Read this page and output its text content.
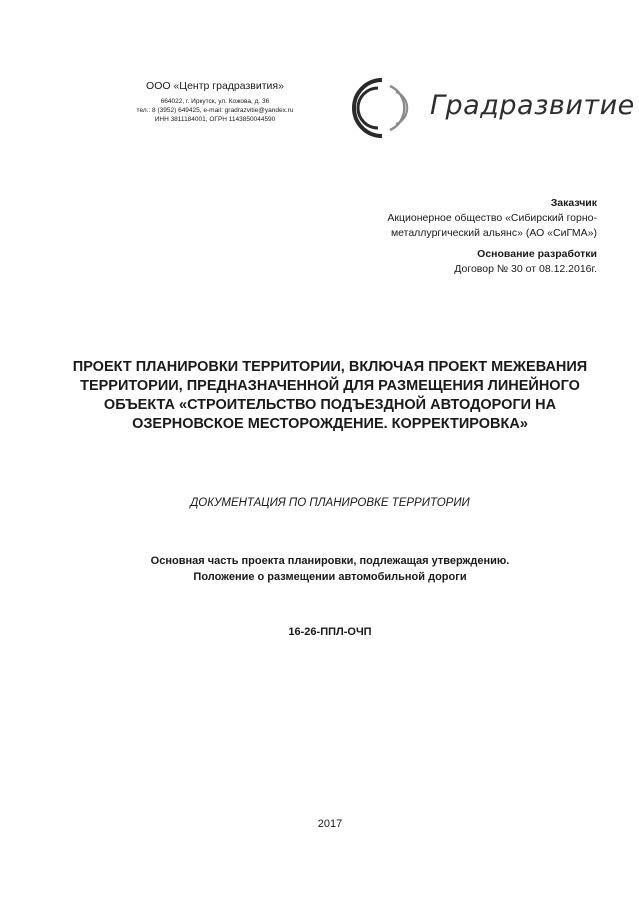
ООО «Центр градразвития»
664022, г. Иркутск, ул. Кожова, д. 36
тел.: 8 (3952) 649425, e-mail: gradrazvitie@yandex.ru
ИНН 3811184001, ОГРН 1143850044590	Градразвитие
Заказчик
Акционерное общество «Сибирский горно-
металлургический альянс» (АО «СиГМА»)
Основание разработки
Договор № 30 от 08.12.2016г.
ПРОЕКТ ПЛАНИРОВКИ ТЕРРИТОРИИ, ВКЛЮЧАЯ ПРОЕКТ МЕЖЕВАНИЯ
ТЕРРИТОРИИ, ПРЕДНАЗНАЧЕННОЙ ДЛЯ РАЗМЕЩЕНИЯ ЛИНЕЙНОГО
ОБЪЕКТА «СТРОИТЕЛЬСТВО ПОДЪЕЗДНОЙ АВТОДОРОГИ НА
ОЗЕРНОВСКОЕ МЕСТОРОЖДЕНИЕ. КОРРЕКТИРОВКА»
ДОКУМЕНТАЦИЯ ПО ПЛАНИРОВКЕ ТЕРРИТОРИИ
Основная часть проекта планировки, подлежащая утверждению.
Положение о размещении автомобильной дороги
16-26-ППЛ-ОЧП
2017
